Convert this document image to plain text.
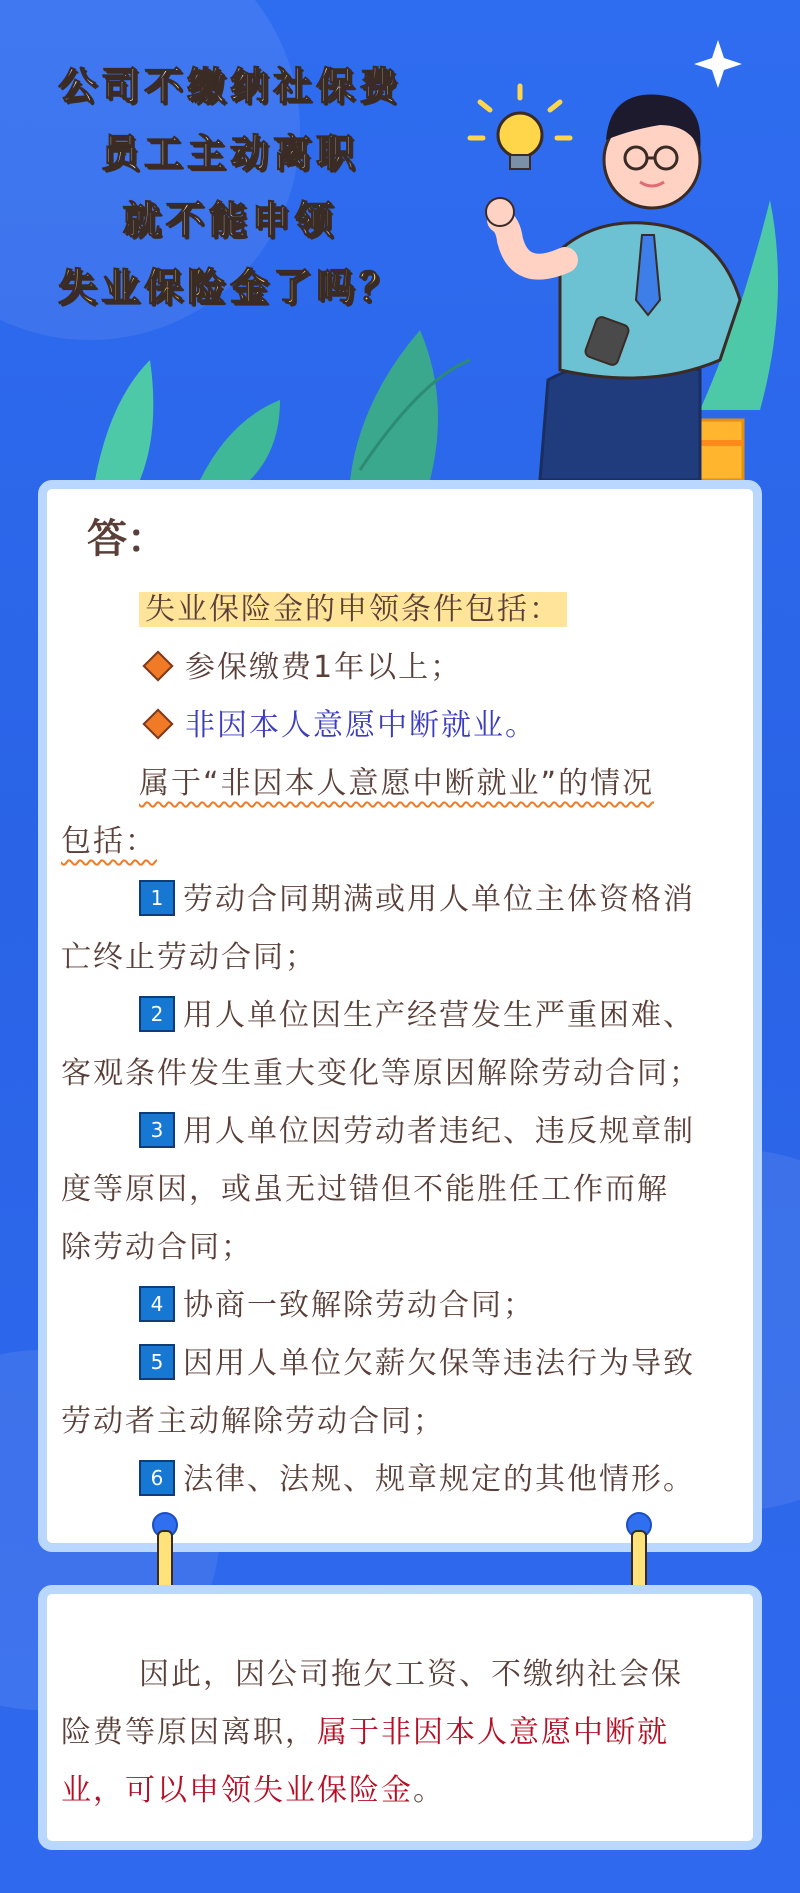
公司不缴纳社保费
员工主动离职
就不能申领
失业保险金了吗？
答：
失业保险金的申领条件包括：
参保缴费1年以上；
非因本人意愿中断就业。
属于“非因本人意愿中断就业”的情况
包括：
1 劳动合同期满或用人单位主体资格消
亡终止劳动合同；
2 用人单位因生产经营发生严重困难、
客观条件发生重大变化等原因解除劳动合同；
3 用人单位因劳动者违纪、违反规章制
度等原因，或虽无过错但不能胜任工作而解
除劳动合同；
4 协商一致解除劳动合同；
5 因用人单位欠薪欠保等违法行为导致
劳动者主动解除劳动合同；
6 法律、法规、规章规定的其他情形。
因此，因公司拖欠工资、不缴纳社会保
险费等原因离职，属于非因本人意愿中断就
业，可以申领失业保险金。
